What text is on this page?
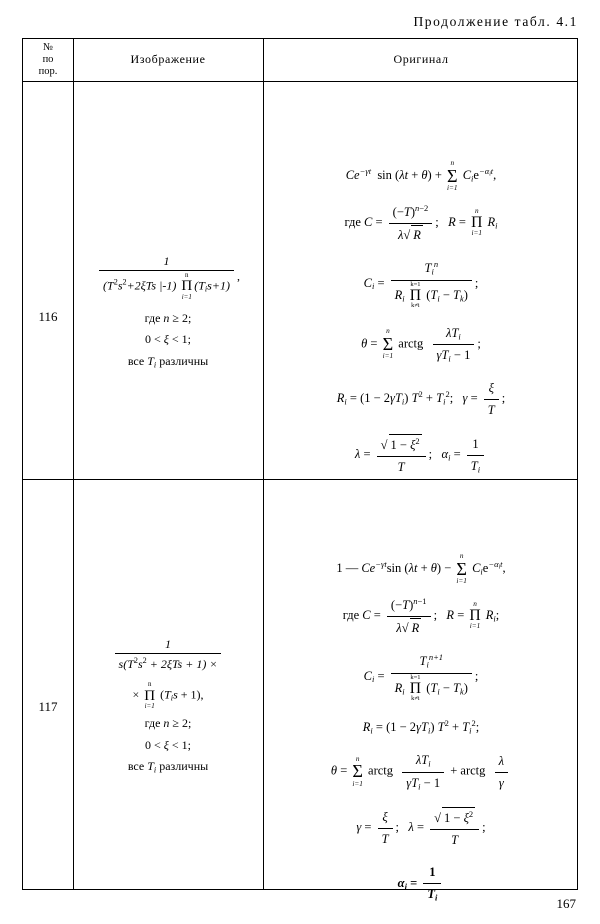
Продолжение табл. 4.1
№
по
пор.
Изображение	Оригинал
116
117
1
($T^2s^2+2\xi Ts$ |-1)
n
Π
i=1
$(T_is+1)$
,
где n ≥ 2;
0 < ξ < 1;
все $T_i$ различны
$Ce^{-\gamma t}$  sin (λt + θ) +
n
Σ
i=1
$C_ie^{-\alpha_it}$,
где $C = \frac{(-T)^{n-2}}{\lambda√ R}$ ;   R =
n
Π
i=1
$R_i$
$C_i$ =
$T_i^n$
$R_i$
k=1
Π
k≠i
$(T_i - T_k)$
;
θ =
n
Σ
i=1
arctg $\frac{\lambda T_i}{\gamma T_i - 1}$ ;
$R_i = (1 - 2\gamma T_i) T^2 + T_i^2$;   $\gamma = \frac{\xi}{T}$ ;
$\lambda = \frac{√ 1 - \xi^2}{T}$ ;   $\alpha_i = \frac{1}{T_i}$
$\frac{1}{s(T^2s^2 + 2\xi Ts + 1) \times}$
×
n
Π
i=1
$(T_is + 1)$,
где n ≥ 2;
0 < ξ < 1;
все $T_i$ различны
1 — $Ce^{-\gamma t}\sin$ (λt + θ) −
n
Σ
i=1
$C_ie^{-\alpha_it}$,
где $C = \frac{(-T)^{n-1}}{\lambda√ R}$ ;   R =
n
Π
i=1
$R_i$;
$C_i$ =
$T_i^{n+1}$
$R_i$
k=1
Π
k≠i
$(T_i - T_k)$
;
$R_i = (1 - 2\gamma T_i) T^2 + T_i^2$;
θ =
n
Σ
i=1
arctg $\frac{\lambda T_i}{\gamma T_i - 1}$ + arctg $\frac{\lambda}{\gamma}$
$\gamma = \frac{\xi}{T}$ ;   $\lambda = \frac{√ 1 - \xi^2}{T}$ ;
$\alpha_i = \frac{1}{T_i}$	167
